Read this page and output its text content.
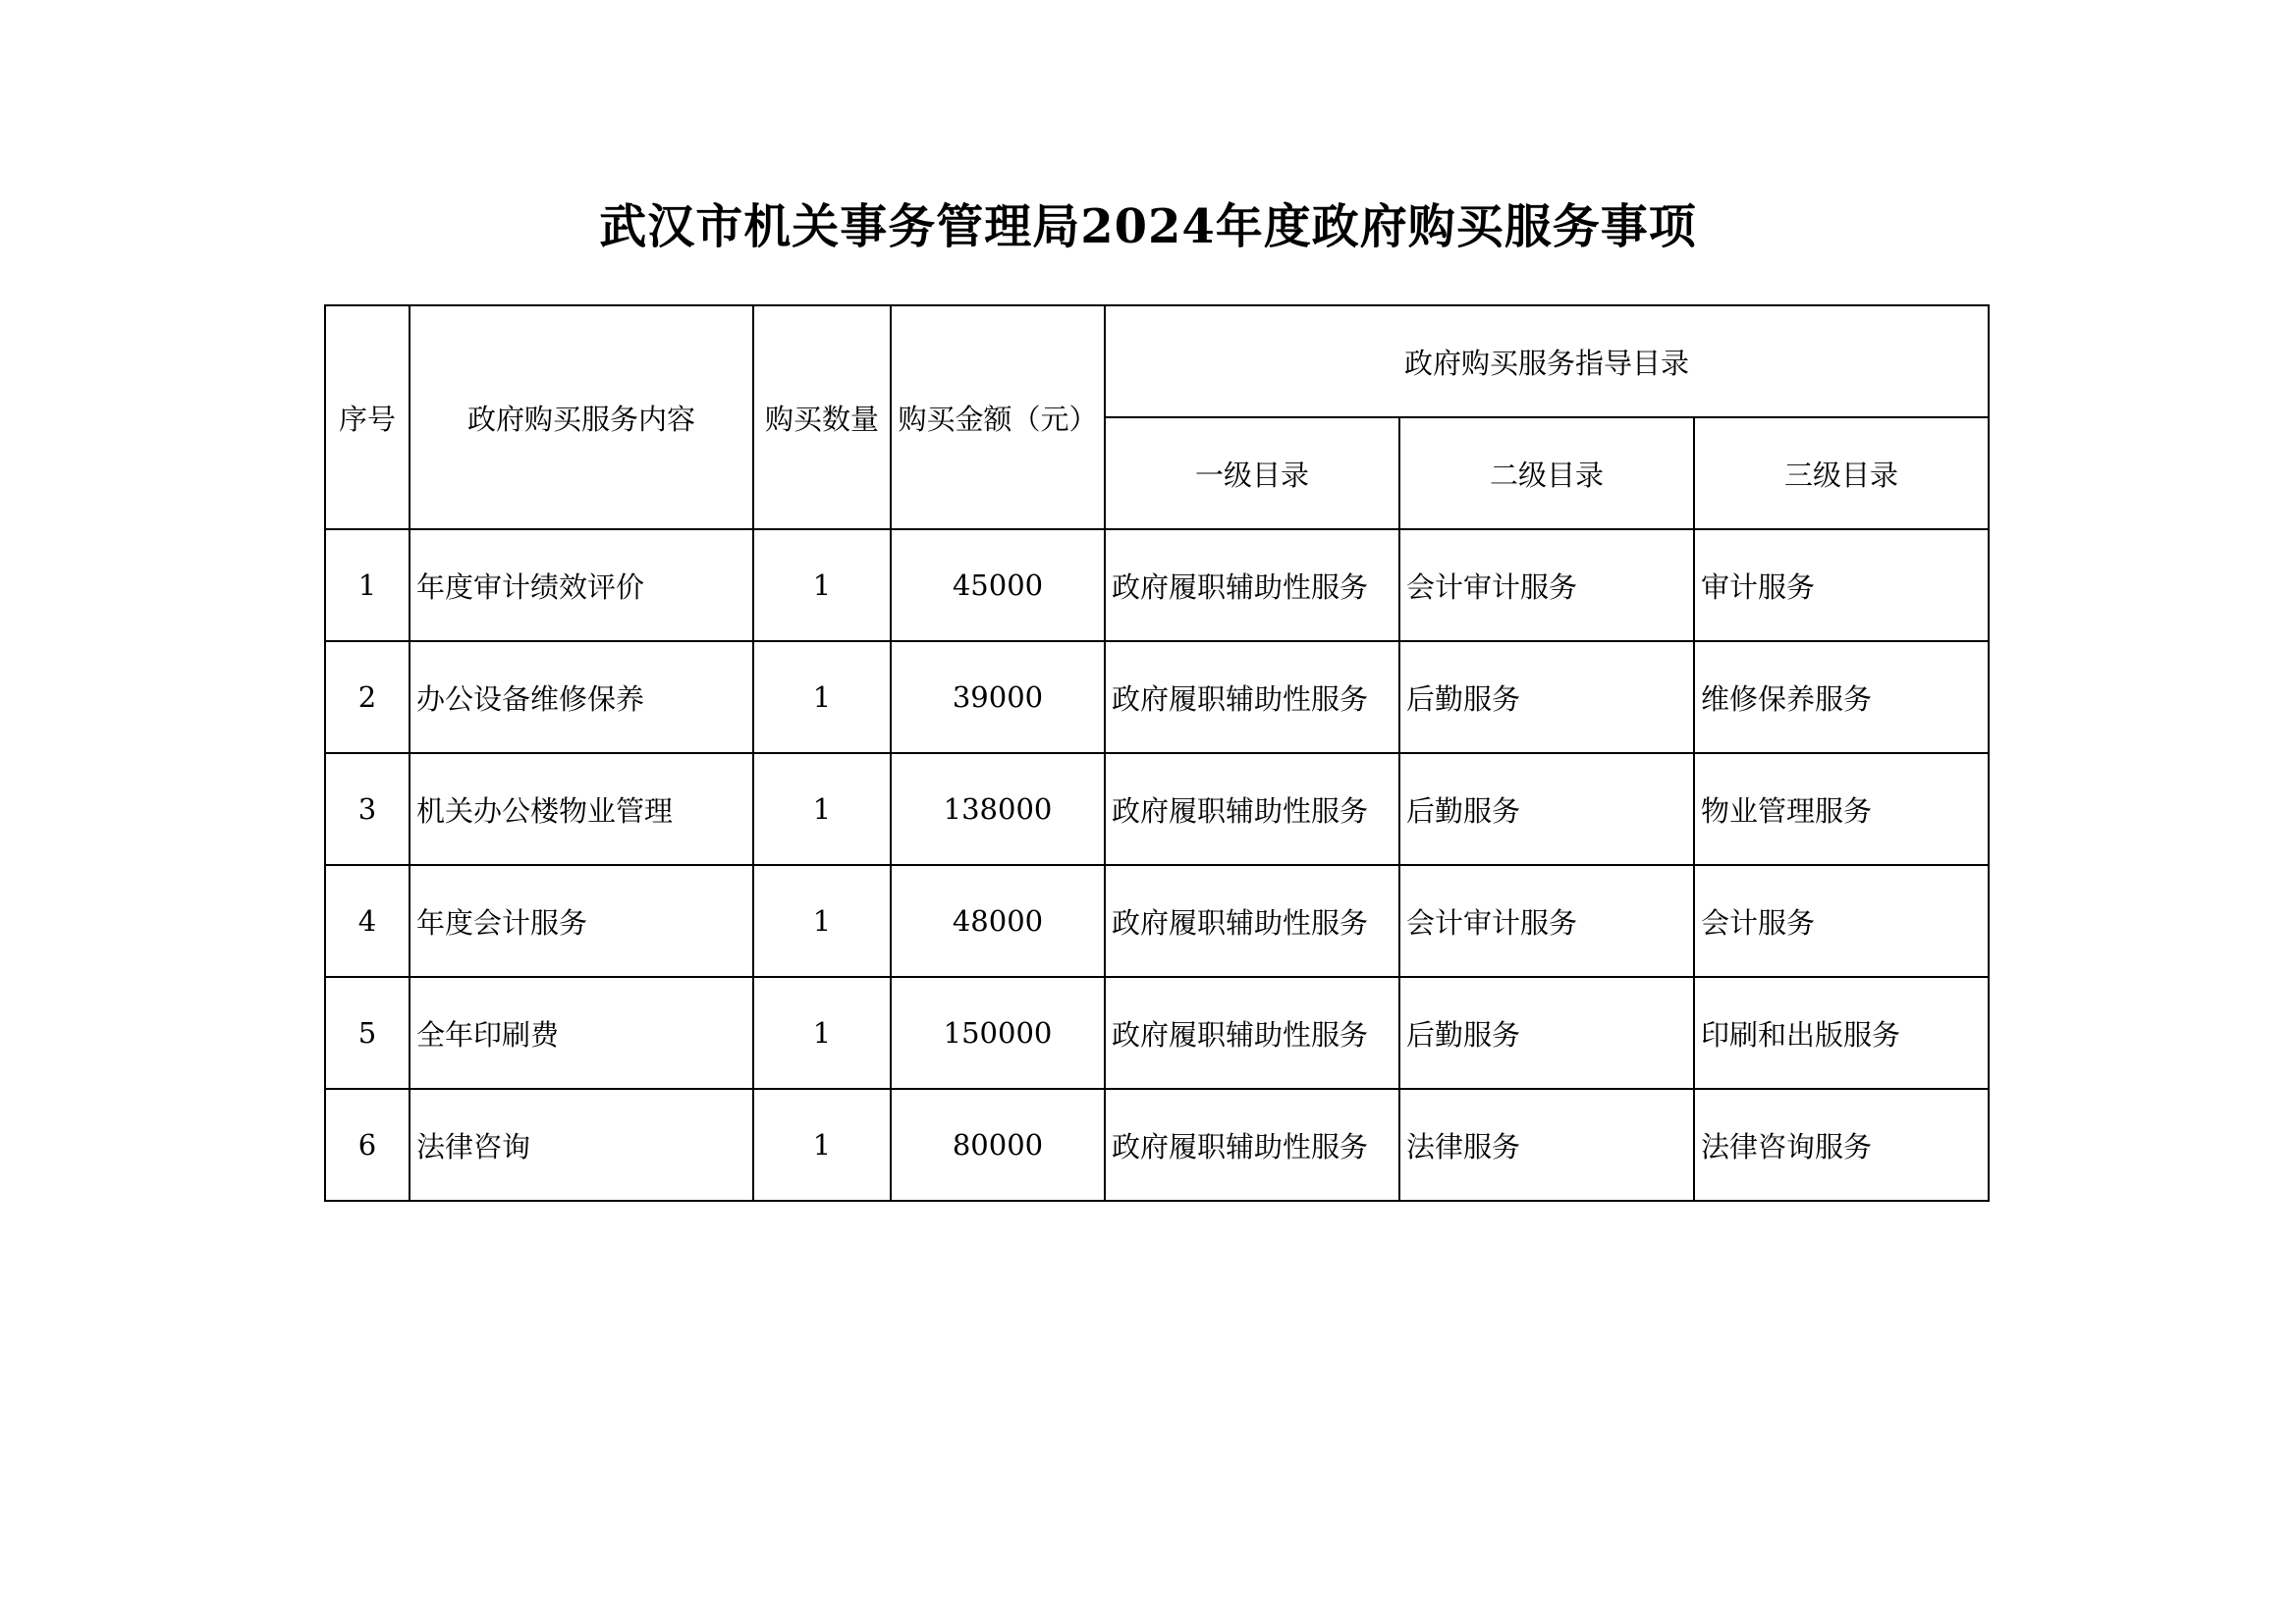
武汉市机关事务管理局2024年度政府购买服务事项
序号	政府购买服务内容	购买数量	购买金额（元）	政府购买服务指导目录		
				一级目录	二级目录	三级目录
1	年度审计绩效评价	1	45000	政府履职辅助性服务	会计审计服务	审计服务
2	办公设备维修保养	1	39000	政府履职辅助性服务	后勤服务	维修保养服务
3	机关办公楼物业管理	1	138000	政府履职辅助性服务	后勤服务	物业管理服务
4	年度会计服务	1	48000	政府履职辅助性服务	会计审计服务	会计服务
5	全年印刷费	1	150000	政府履职辅助性服务	后勤服务	印刷和出版服务
6	法律咨询	1	80000	政府履职辅助性服务	法律服务	法律咨询服务
